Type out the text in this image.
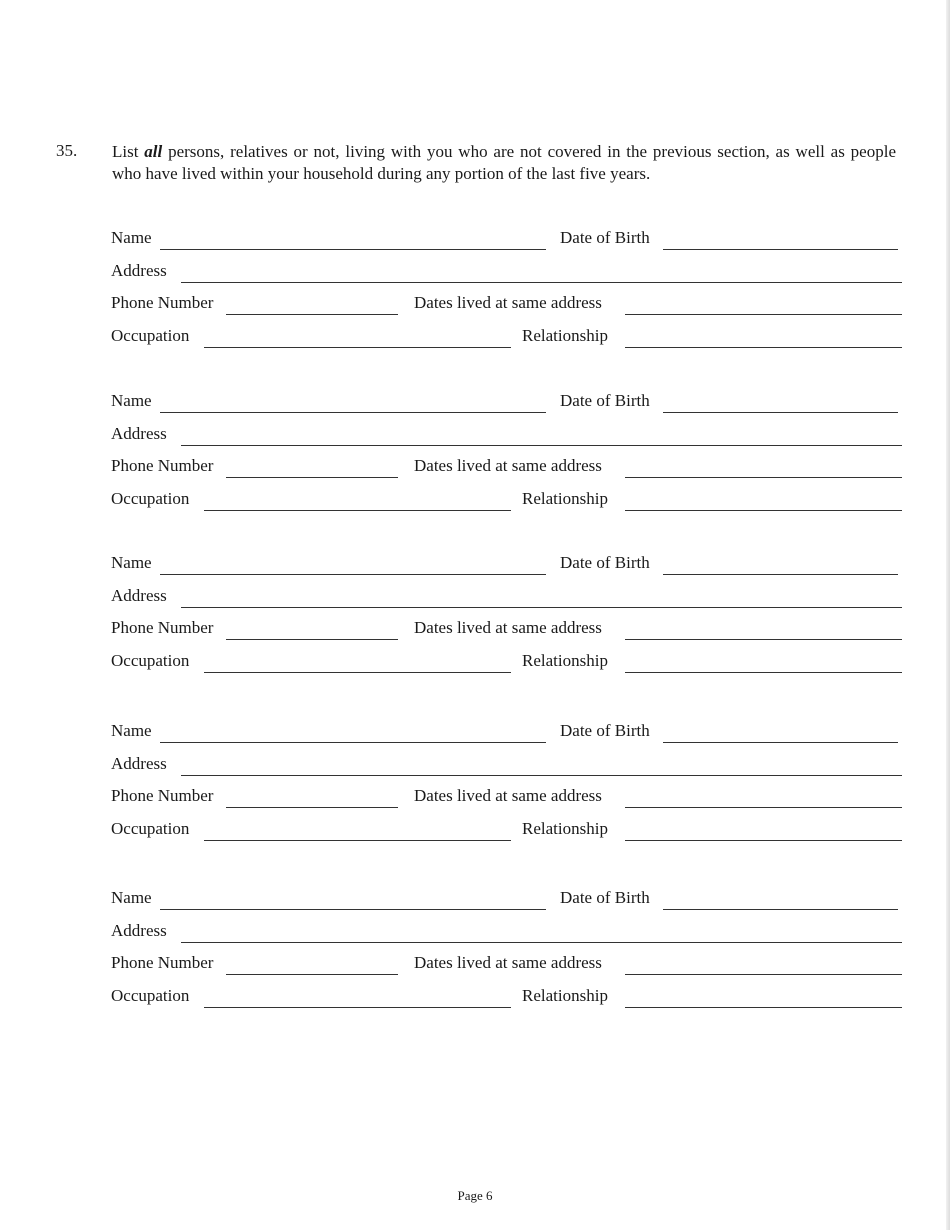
35. List all persons, relatives or not, living with you who are not covered in the previous section, as well as people who have lived within your household during any portion of the last five years.
Name	Date of Birth
Address
Phone Number	Dates lived at same address
Occupation	Relationship
Name	Date of Birth
Address
Phone Number	Dates lived at same address
Occupation	Relationship
Name	Date of Birth
Address
Phone Number	Dates lived at same address
Occupation	Relationship
Name	Date of Birth
Address
Phone Number	Dates lived at same address
Occupation	Relationship
Name	Date of Birth
Address
Phone Number	Dates lived at same address
Occupation	Relationship
Page 6
